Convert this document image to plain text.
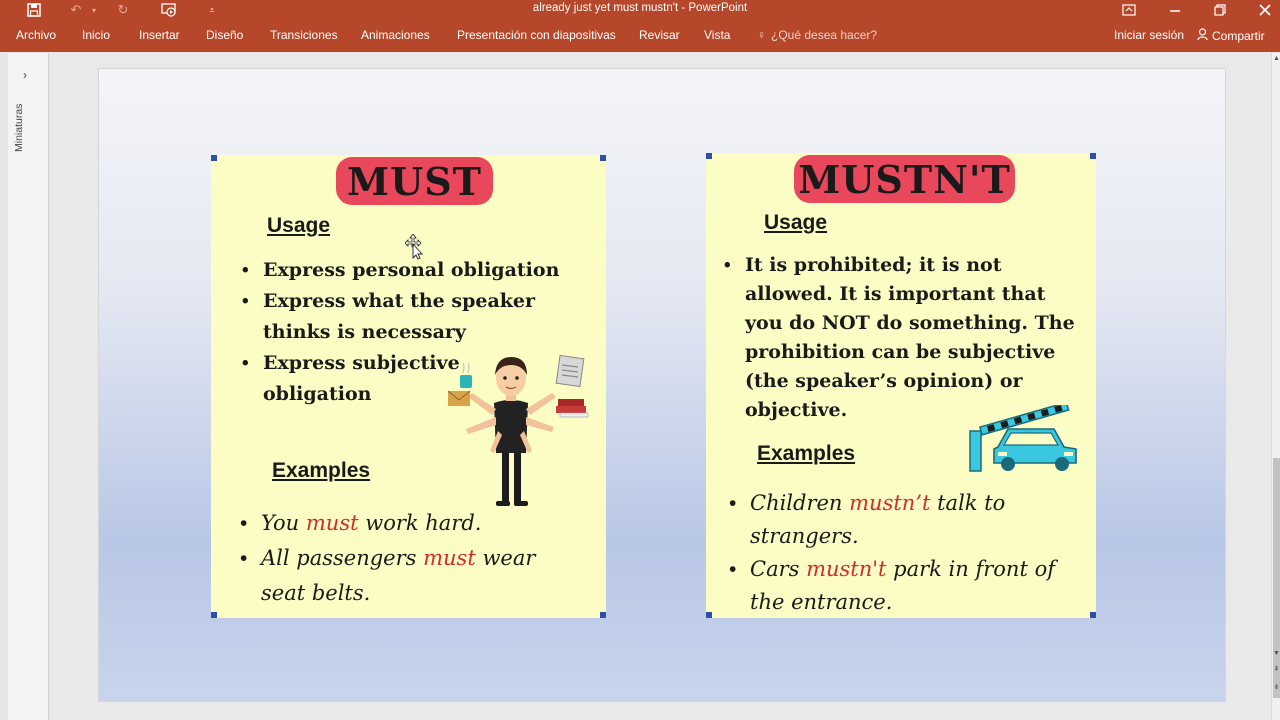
↶	▾	↻	⩡	already just yet must mustn't - PowerPoint
Archivo Inicio Insertar Diseño Transiciones Animaciones Presentación con diapositivas Revisar Vista ♀ ¿Qué desea hacer?	Iniciar sesión	Compartir
›
Miniaturas
MUST
Usage
• Express personal obligation
• Express what the speaker
thinks is necessary
• Express subjective
obligation
Examples
• You must work hard.
• All passengers must wear
seat belts.
MUSTN'T
Usage
• It is prohibited; it is not
allowed. It is important that
you do NOT do something. The
prohibition can be subjective
(the speaker’s opinion) or
objective.
Examples
• Children mustn’t talk to
strangers.
• Cars mustn't park in front of
the entrance.
▲
▼
⇞
⇟
